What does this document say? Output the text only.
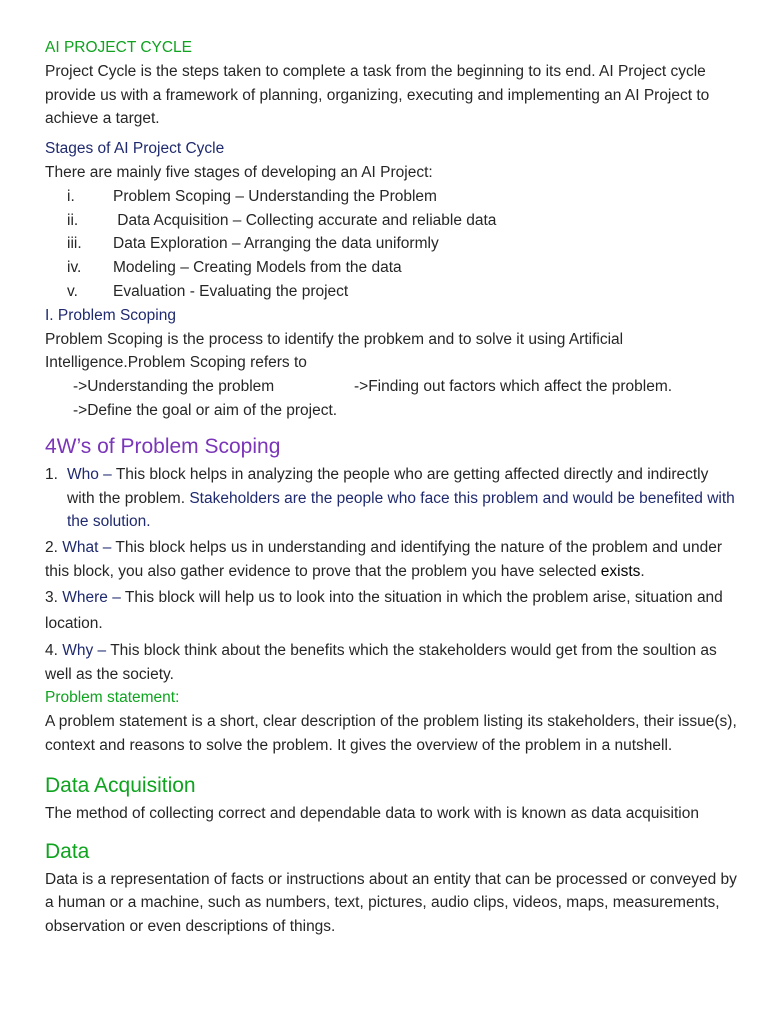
AI PROJECT CYCLE

Project Cycle is the steps taken to complete a task from the beginning to its end. AI Project cycle provide us with a framework of planning, organizing, executing and implementing an AI Project to achieve a target.

Stages of AI Project Cycle

There are mainly five stages of developing an AI Project:

i. Problem Scoping – Understanding the Problem
ii. Data Acquisition – Collecting accurate and reliable data
iii. Data Exploration – Arranging the data uniformly
iv. Modeling – Creating Models from the data
v. Evaluation - Evaluating the project
I. Problem Scoping

Problem Scoping is the process to identify the probkem and to solve it using Artificial Intelligence.Problem Scoping refers to

->Understanding the problem	->Finding out factors which affect the problem.
->Define the goal or aim of the project.
4W’s of Problem Scoping
1. Who – This block helps in analyzing the people who are getting affected directly and indirectly with the problem. Stakeholders are the people who face this problem and would be benefited with the solution.

2. What – This block helps us in understanding and identifying the nature of the problem and under this block, you also gather evidence to prove that the problem you have selected exists.

3. Where – This block will help us to look into the situation in which the problem arise, situation and location.

4. Why – This block think about the benefits which the stakeholders would get from the soultion as well as the society.

Problem statement:

A problem statement is a short, clear description of the problem listing its stakeholders, their issue(s), context and reasons to solve the problem. It gives the overview of the problem in a nutshell.

Data Acquisition

The method of collecting correct and dependable data to work with is known as data acquisition

Data

Data is a representation of facts or instructions about an entity that can be processed or conveyed by a human or a machine, such as numbers, text, pictures, audio clips, videos, maps, measurements, observation or even descriptions of things.
